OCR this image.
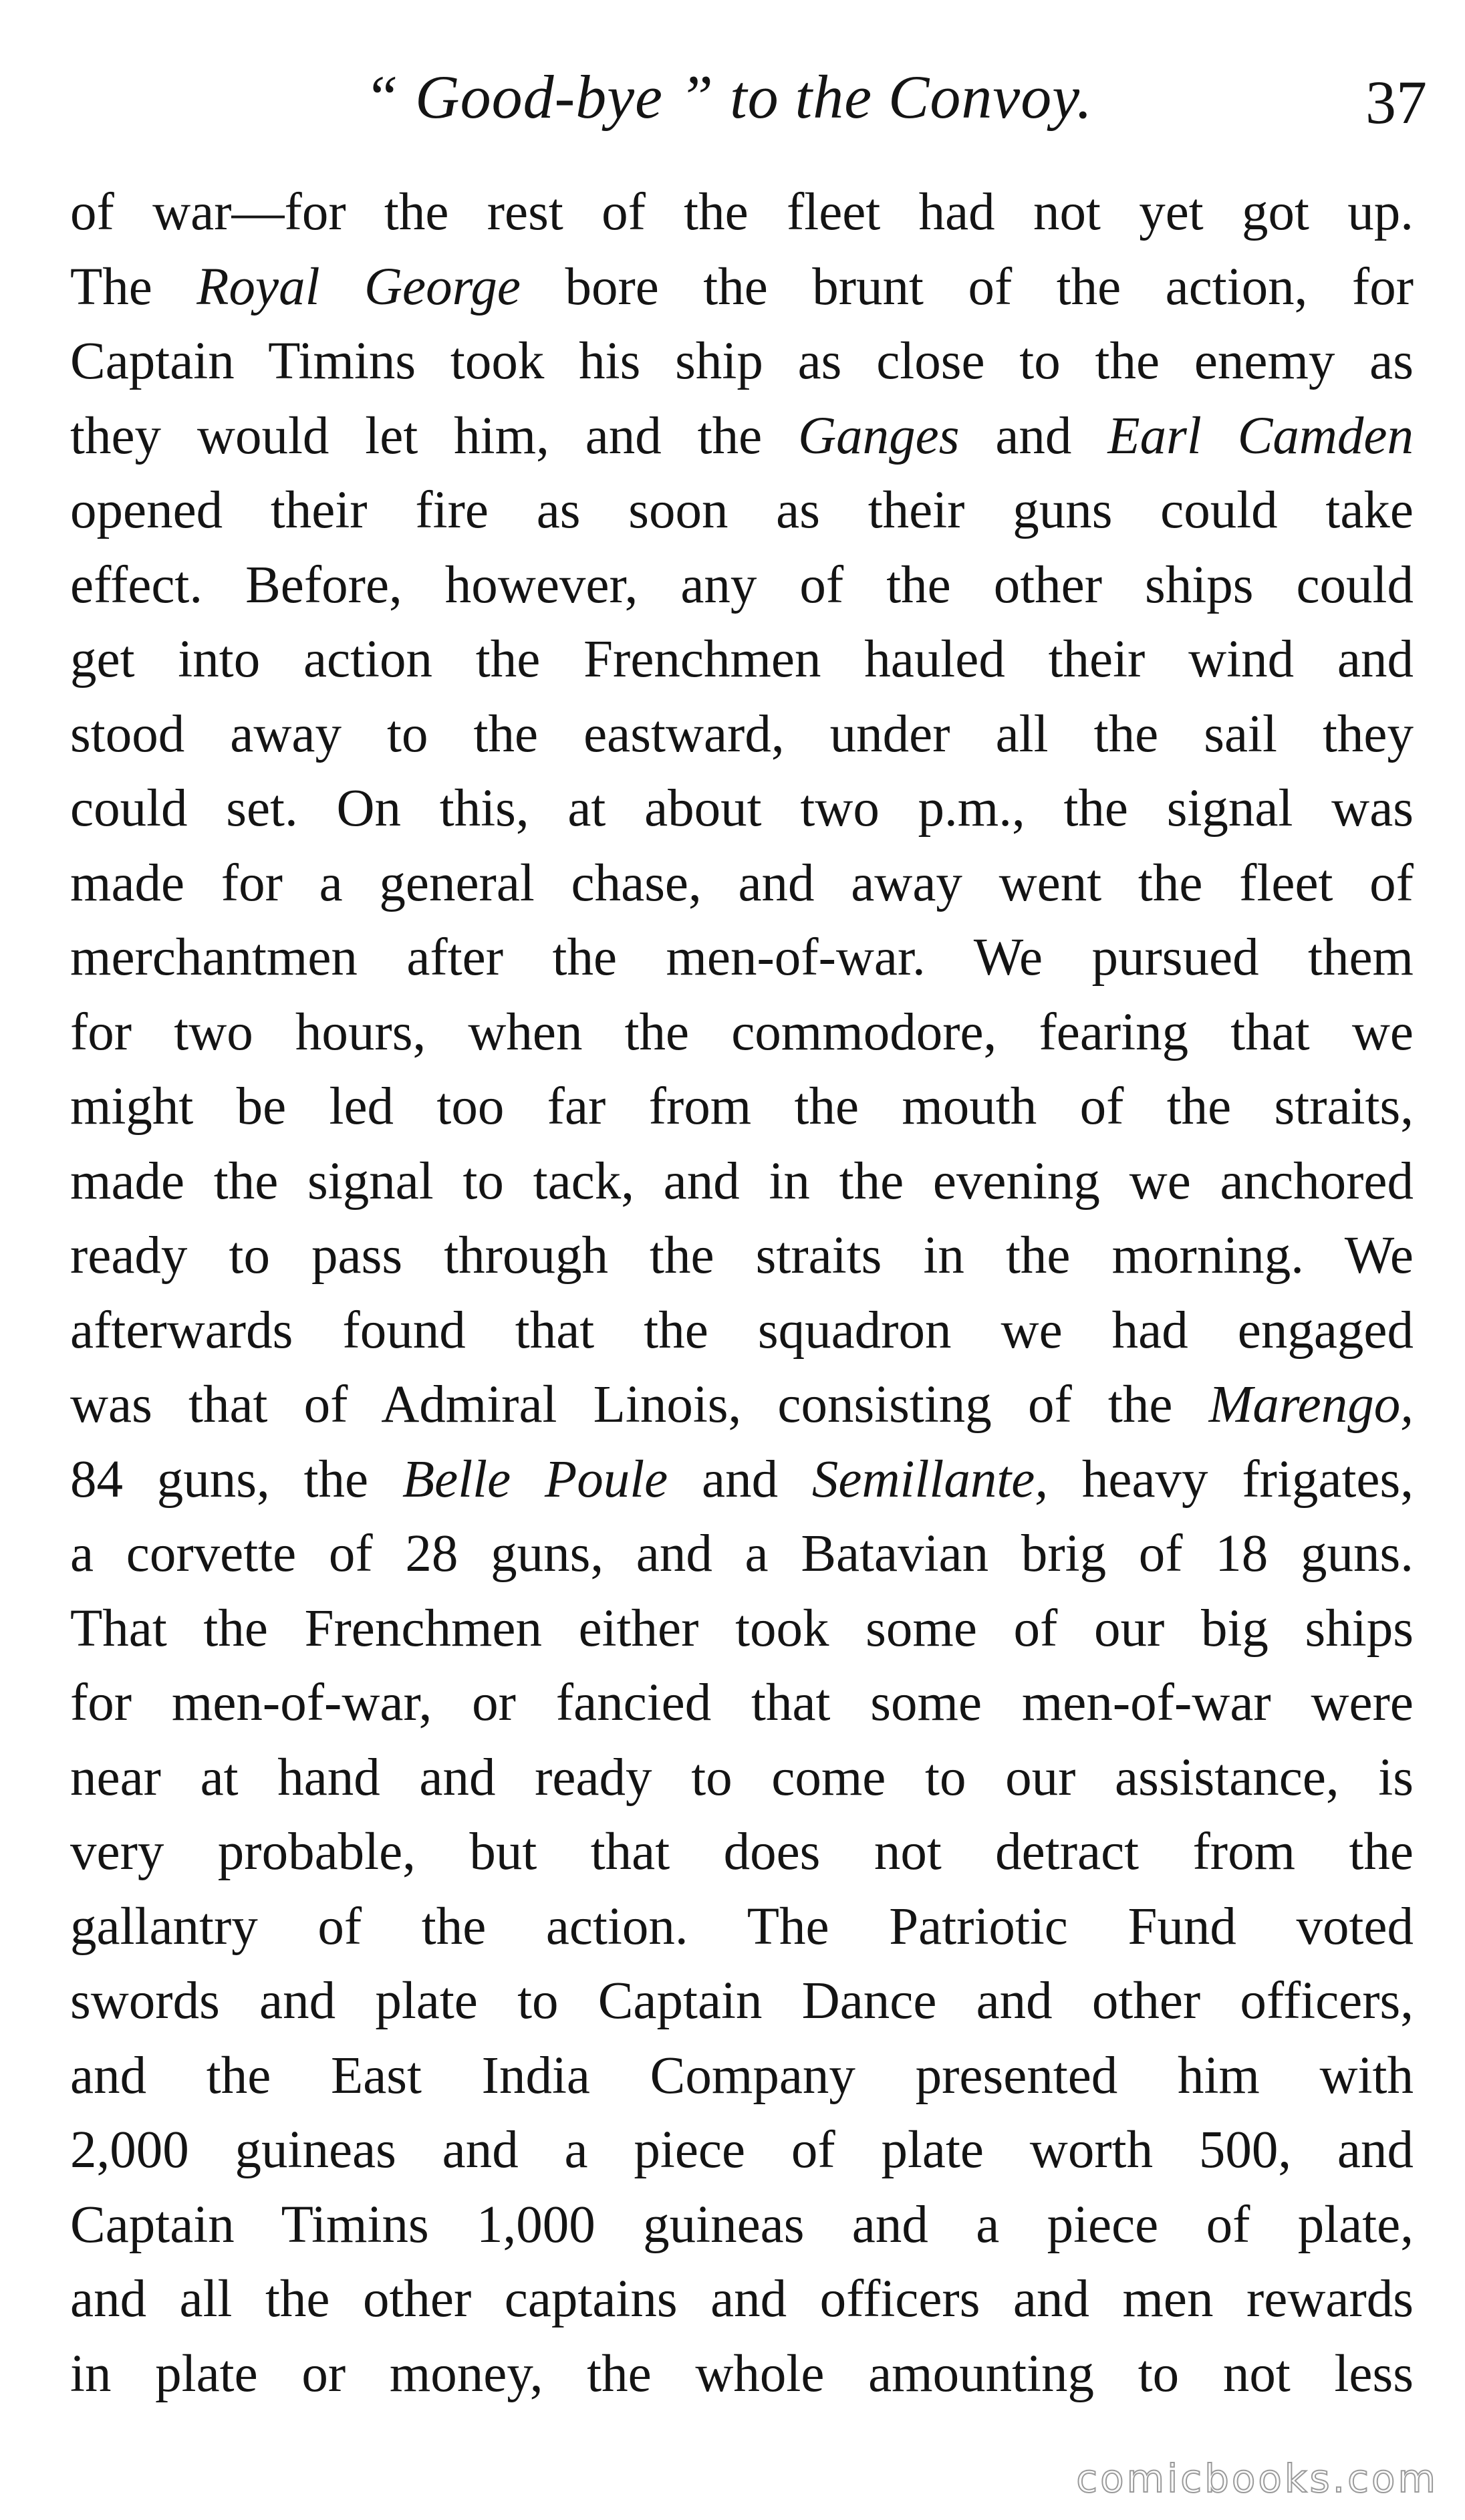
“ Good-bye ” to the Convoy.	37
of war—for the rest of the fleet had not yet got up.
The Royal George bore the brunt of the action, for
Captain Timins took his ship as close to the enemy as
they would let him, and the Ganges and Earl Camden
opened their fire as soon as their guns could take
effect. Before, however, any of the other ships could
get into action the Frenchmen hauled their wind and
stood away to the eastward, under all the sail they
could set. On this, at about two p.m., the signal was
made for a general chase, and away went the fleet of
merchantmen after the men-of-war. We pursued them
for two hours, when the commodore, fearing that we
might be led too far from the mouth of the straits,
made the signal to tack, and in the evening we anchored
ready to pass through the straits in the morning. We
afterwards found that the squadron we had engaged
was that of Admiral Linois, consisting of the Marengo,
84 guns, the Belle Poule and Semillante, heavy frigates,
a corvette of 28 guns, and a Batavian brig of 18 guns.
That the Frenchmen either took some of our big ships
for men-of-war, or fancied that some men-of-war were
near at hand and ready to come to our assistance, is
very probable, but that does not detract from the
gallantry of the action. The Patriotic Fund voted
swords and plate to Captain Dance and other officers,
and the East India Company presented him with
2,000 guineas and a piece of plate worth 500, and
Captain Timins 1,000 guineas and a piece of plate,
and all the other captains and officers and men rewards
in plate or money, the whole amounting to not less
comicbooks.com
